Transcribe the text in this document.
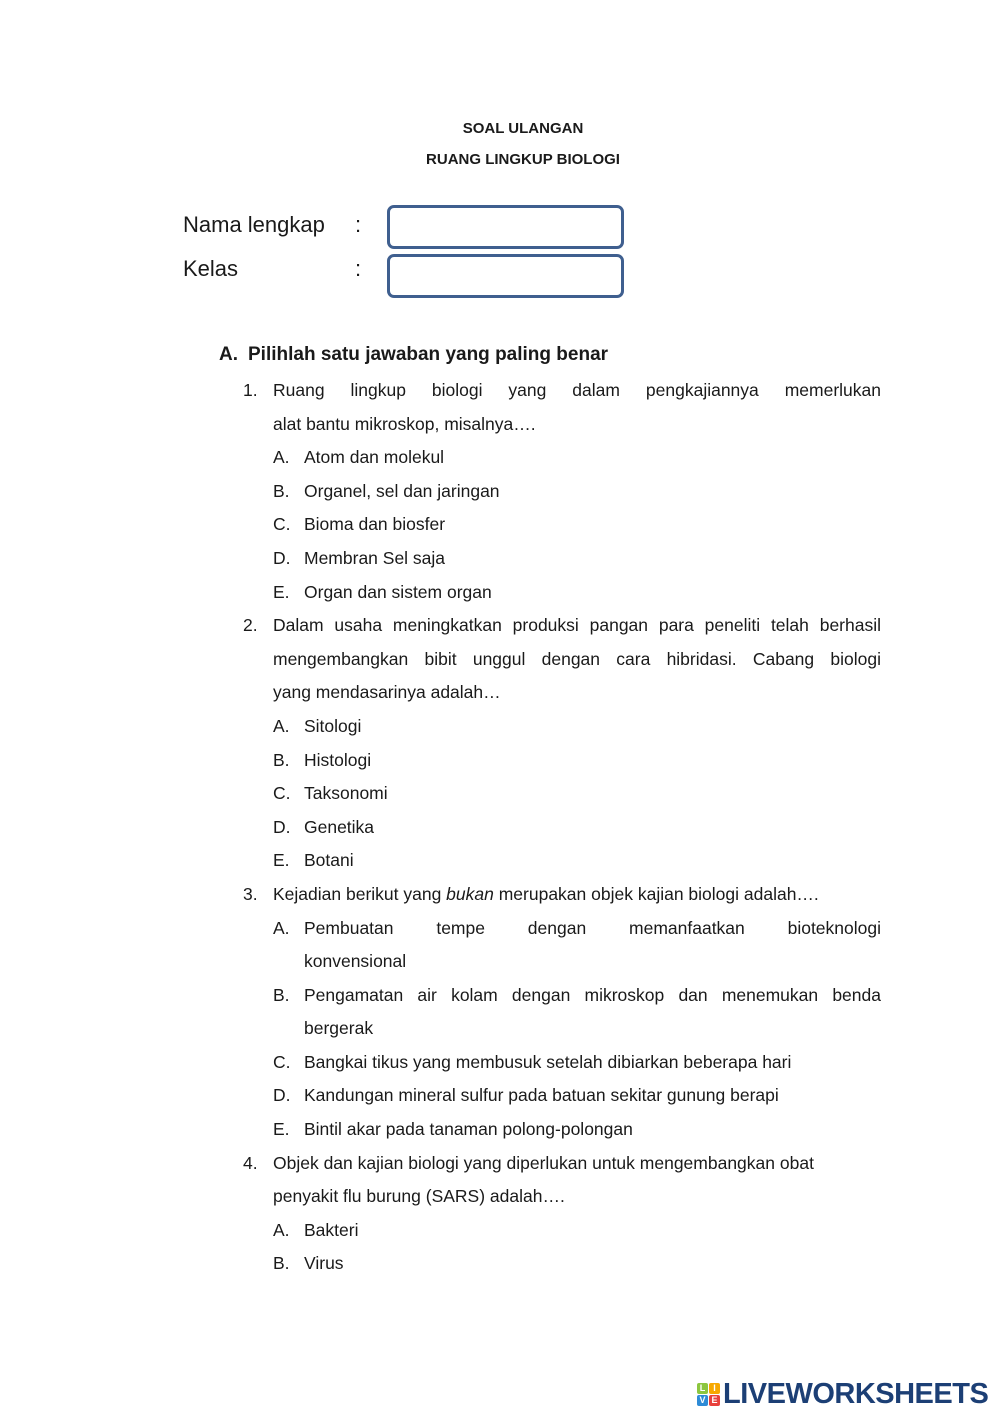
SOAL ULANGAN
RUANG LINGKUP BIOLOGI
Nama lengkap :
Kelas	:
A. Pilihlah satu jawaban yang paling benar
1. Ruang lingkup biologi yang dalam pengkajiannya memerlukan
alat bantu mikroskop, misalnya….
A. Atom dan molekul
B. Organel, sel dan jaringan
C. Bioma dan biosfer
D. Membran Sel saja
E. Organ dan sistem organ
2. Dalam usaha meningkatkan produksi pangan para peneliti telah berhasil
mengembangkan bibit unggul dengan cara hibridasi. Cabang biologi
yang mendasarinya adalah…
A. Sitologi
B. Histologi
C. Taksonomi
D. Genetika
E. Botani
3. Kejadian berikut yang bukan merupakan objek kajian biologi adalah….
A. Pembuatan tempe dengan memanfaatkan bioteknologi
konvensional
B. Pengamatan air kolam dengan mikroskop dan menemukan benda
bergerak
C. Bangkai tikus yang membusuk setelah dibiarkan beberapa hari
D. Kandungan mineral sulfur pada batuan sekitar gunung berapi
E. Bintil akar pada tanaman polong-polongan
4. Objek dan kajian biologi yang diperlukan untuk mengembangkan obat
penyakit flu burung (SARS) adalah….
A. Bakteri
B. Virus
L I
V E LIVEWORKSHEETS
